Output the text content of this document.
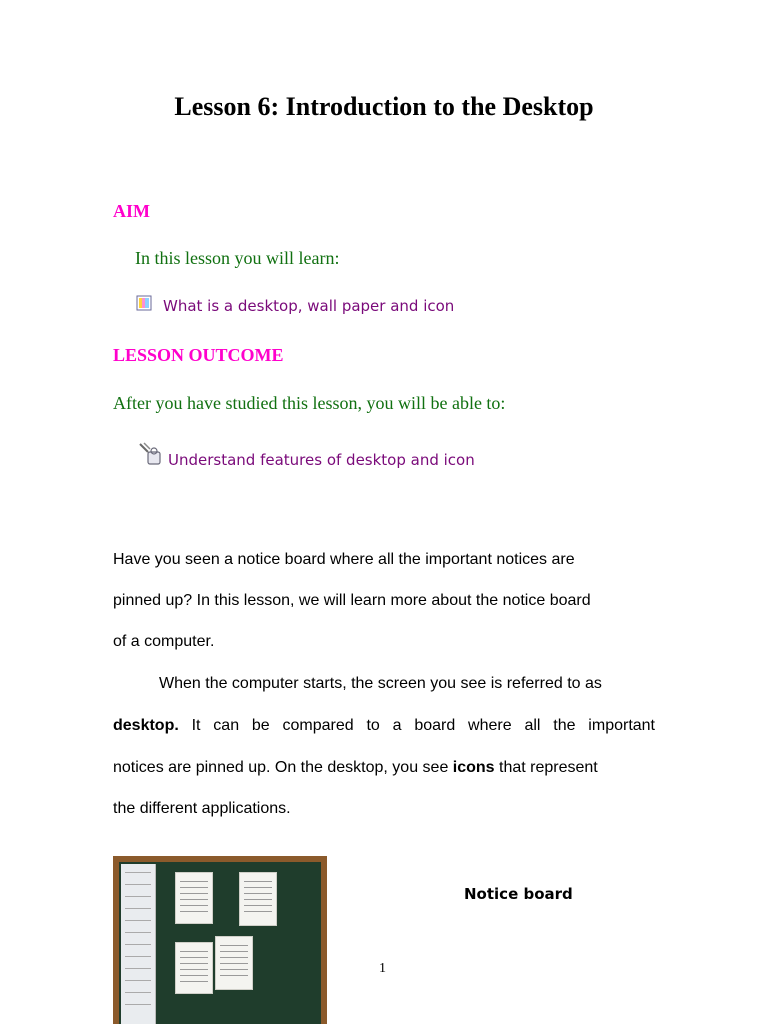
Lesson 6: Introduction to the Desktop
AIM
In this lesson you will learn:
What is a desktop, wall paper and icon
LESSON OUTCOME
After you have studied this lesson, you will be able to:
Understand features of desktop and icon
Have you seen a notice board where all the important notices are
pinned up? In this lesson, we will learn more about the notice board
of a computer.
When the computer starts, the screen you see is referred to as
desktop. It can be compared to a board where all the important
notices are pinned up. On the desktop, you see icons that represent
the different applications.
Notice board
1
